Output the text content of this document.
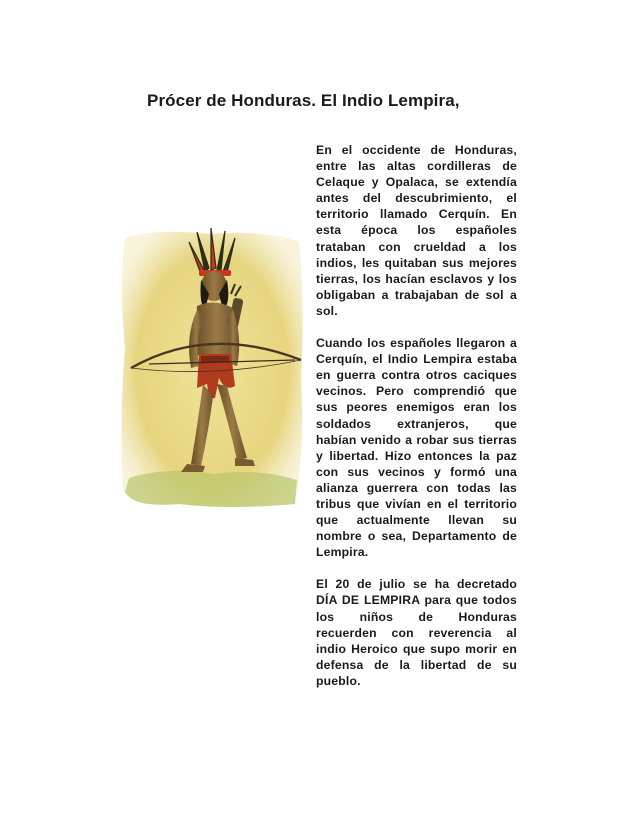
Prócer de Honduras. El Indio Lempira,

En el occidente de Honduras, entre las altas cordilleras de Celaque y Opalaca, se extendía antes del descubrimiento, el territorio llamado Cerquín. En esta época los españoles trataban con crueldad a los indios, les quitaban sus mejores tierras, los hacían esclavos y los obligaban a trabajaban de sol a sol.

Cuando los españoles llegaron a Cerquín, el Indio Lempira estaba en guerra contra otros caciques vecinos. Pero comprendió que sus peores enemigos eran los soldados extranjeros, que habían venido a robar sus tierras y libertad. Hizo entonces la paz con sus vecinos y formó una alianza guerrera con todas las tribus que vivían en el territorio que actualmente llevan su nombre o sea, Departamento de Lempira.

El 20 de julio se ha decretado DÍA DE LEMPIRA para que todos los niños de Honduras recuerden con reverencia al indio Heroico que supo morir en defensa de la libertad de su pueblo.
